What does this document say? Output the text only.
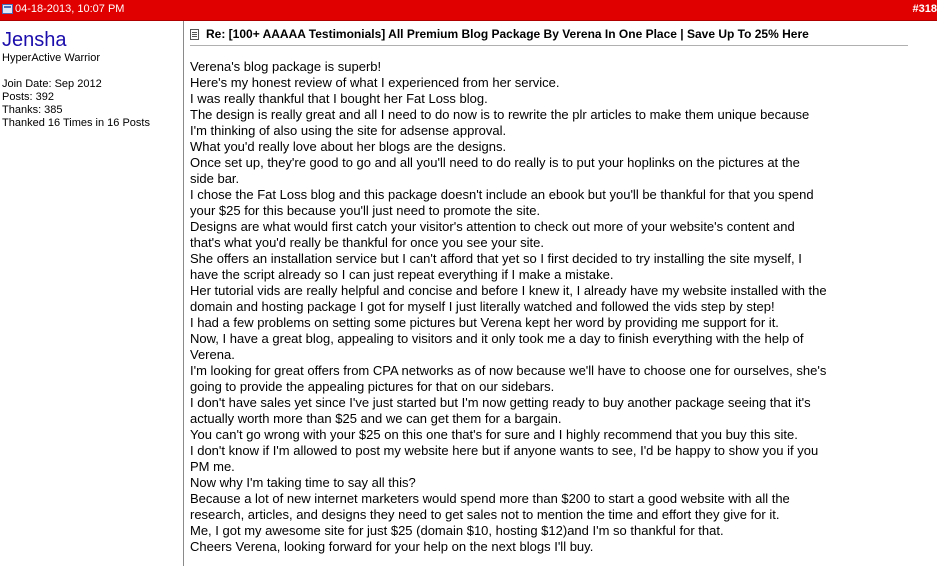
04-18-2013, 10:07 PM	#318
Jensha
HyperActive Warrior
Join Date: Sep 2012
Posts: 392
Thanks: 385
Thanked 16 Times in 16 Posts
Re: [100+ AAAAA Testimonials] All Premium Blog Package By Verena In One Place | Save Up To 25% Here
Verena's blog package is superb!
Here's my honest review of what I experienced from her service.
I was really thankful that I bought her Fat Loss blog.
The design is really great and all I need to do now is to rewrite the plr articles to make them unique because
I'm thinking of also using the site for adsense approval.
What you'd really love about her blogs are the designs.
Once set up, they're good to go and all you'll need to do really is to put your hoplinks on the pictures at the
side bar.
I chose the Fat Loss blog and this package doesn't include an ebook but you'll be thankful for that you spend
your $25 for this because you'll just need to promote the site.
Designs are what would first catch your visitor's attention to check out more of your website's content and
that's what you'd really be thankful for once you see your site.
She offers an installation service but I can't afford that yet so I first decided to try installing the site myself, I
have the script already so I can just repeat everything if I make a mistake.
Her tutorial vids are really helpful and concise and before I knew it, I already have my website installed with the
domain and hosting package I got for myself I just literally watched and followed the vids step by step!
I had a few problems on setting some pictures but Verena kept her word by providing me support for it.
Now, I have a great blog, appealing to visitors and it only took me a day to finish everything with the help of
Verena.
I'm looking for great offers from CPA networks as of now because we'll have to choose one for ourselves, she's
going to provide the appealing pictures for that on our sidebars.
I don't have sales yet since I've just started but I'm now getting ready to buy another package seeing that it's
actually worth more than $25 and we can get them for a bargain.
You can't go wrong with your $25 on this one that's for sure and I highly recommend that you buy this site.
I don't know if I'm allowed to post my website here but if anyone wants to see, I'd be happy to show you if you
PM me.
Now why I'm taking time to say all this?
Because a lot of new internet marketers would spend more than $200 to start a good website with all the
research, articles, and designs they need to get sales not to mention the time and effort they give for it.
Me, I got my awesome site for just $25 (domain $10, hosting $12)and I'm so thankful for that.
Cheers Verena, looking forward for your help on the next blogs I'll buy.
